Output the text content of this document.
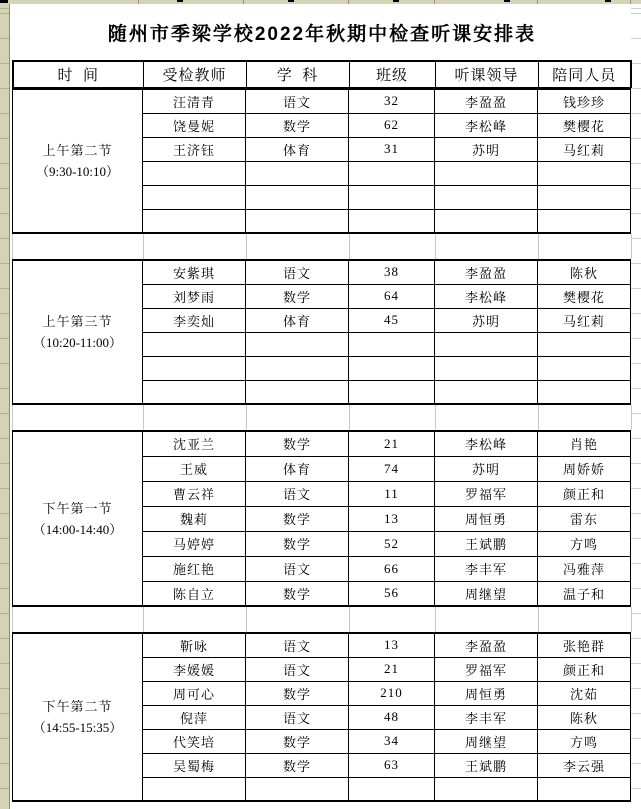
随州市季梁学校2022年秋期中检查听课安排表
时  间	受检教师	学  科	班级	听课领导	陪同人员
上午第二节
（9:30-10:10）	汪清青	语文	32	李盈盈	钱珍珍
	饶曼妮	数学	62	李松峰	樊樱花
	王济钰	体育	31	苏明	马红莉

上午第三节
（10:20-11:00）	安紫琪	语文	38	李盈盈	陈秋
	刘梦雨	数学	64	李松峰	樊樱花
	李奕灿	体育	45	苏明	马红莉

下午第一节
（14:00-14:40）	沈亚兰	数学	21	李松峰	肖艳
	王威	体育	74	苏明	周娇娇
	曹云祥	语文	11	罗福军	颜正和
	魏莉	数学	13	周恒勇	雷东
	马婷婷	数学	52	王斌鹏	方鸣
	施红艳	语文	66	李丰军	冯雅萍
	陈自立	数学	56	周继望	温子和
下午第二节
（14:55-15:35）	靳咏	语文	13	李盈盈	张艳群
	李媛媛	语文	21	罗福军	颜正和
	周可心	数学	210	周恒勇	沈茹
	倪萍	语文	48	李丰军	陈秋
	代笑培	数学	34	周继望	方鸣
	吴蜀梅	数学	63	王斌鹏	李云强
